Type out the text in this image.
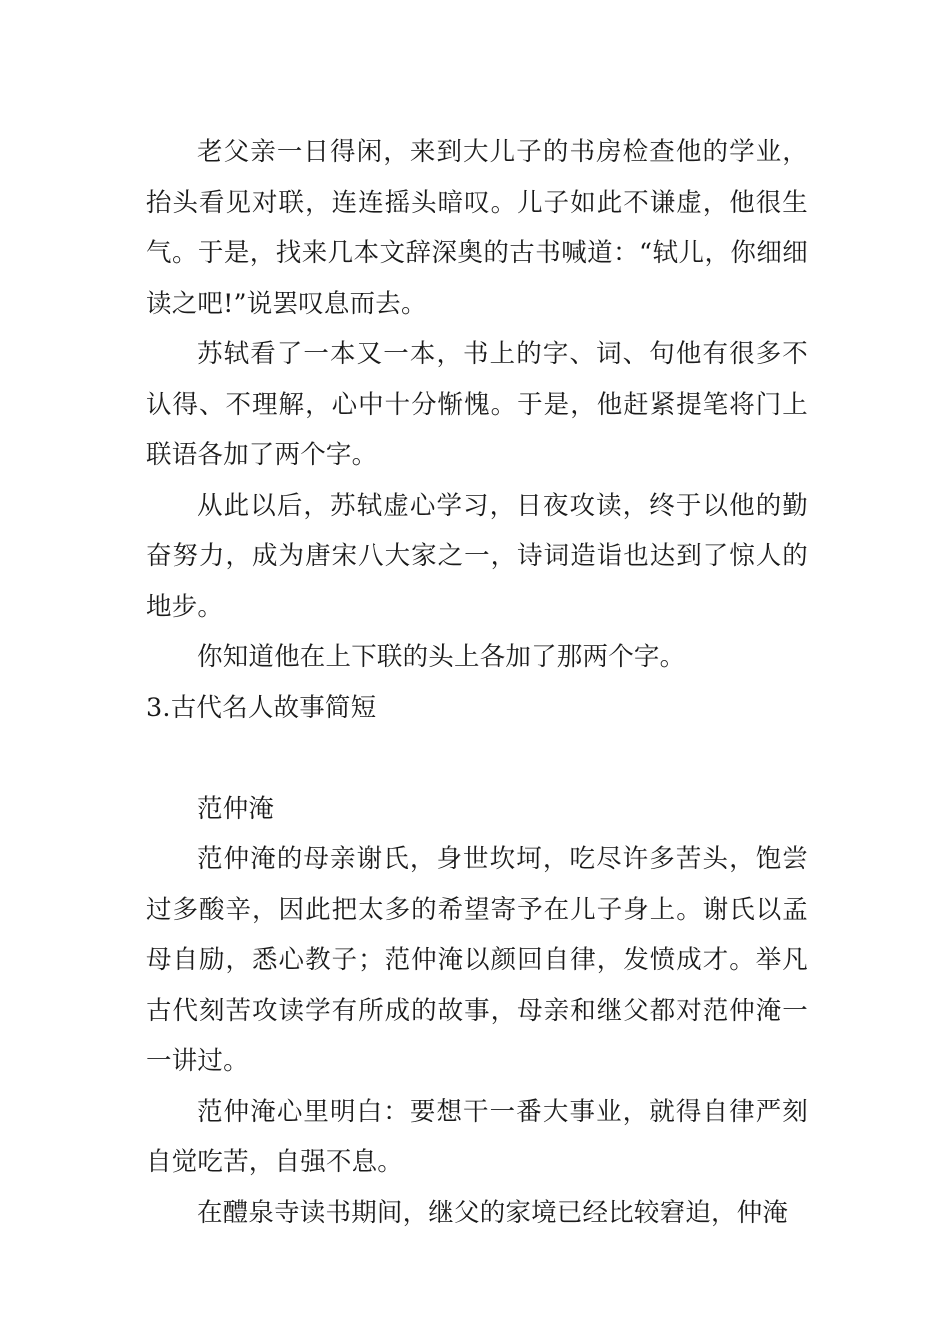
老父亲一日得闲，来到大儿子的书房检查他的学业，抬头看见对联，连连摇头暗叹。儿子如此不谦虚，他很生气。于是，找来几本文辞深奥的古书喊道：“轼儿，你细细读之吧!”说罢叹息而去。

苏轼看了一本又一本，书上的字、词、句他有很多不认得、不理解，心中十分惭愧。于是，他赶紧提笔将门上联语各加了两个字。

从此以后，苏轼虚心学习，日夜攻读，终于以他的勤奋努力，成为唐宋八大家之一，诗词造诣也达到了惊人的地步。

你知道他在上下联的头上各加了那两个字。

3.古代名人故事简短

范仲淹

范仲淹的母亲谢氏，身世坎坷，吃尽许多苦头，饱尝过多酸辛，因此把太多的希望寄予在儿子身上。谢氏以孟母自励，悉心教子；范仲淹以颜回自律，发愤成才。举凡古代刻苦攻读学有所成的故事，母亲和继父都对范仲淹一一讲过。

范仲淹心里明白：要想干一番大事业，就得自律严刻自觉吃苦，自强不息。

在醴泉寺读书期间，继父的家境已经比较窘迫，仲淹
